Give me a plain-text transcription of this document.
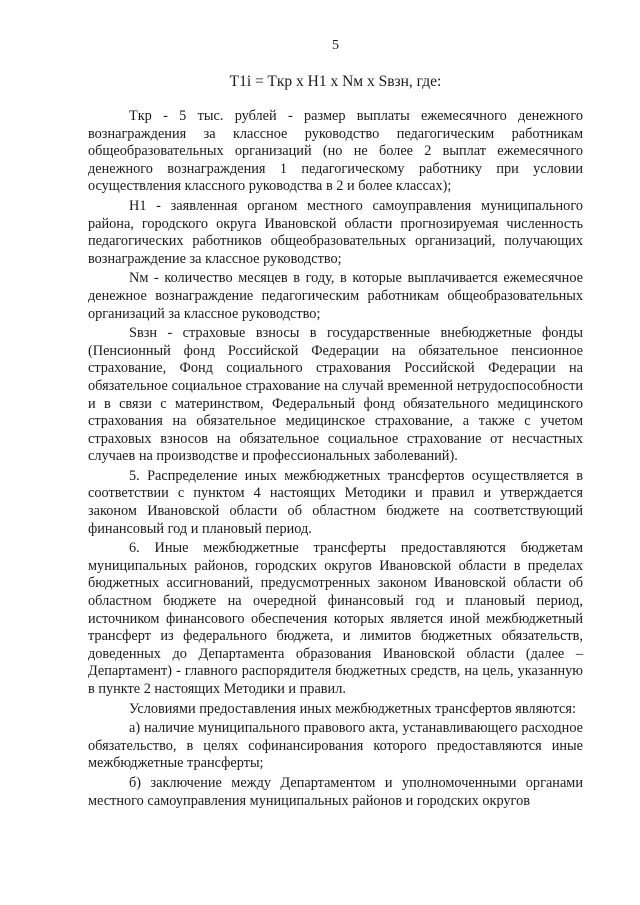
5
T1i = Tкр x H1 x Nм x Sвзн, где:

Tкр - 5 тыс. рублей - размер выплаты ежемесячного денежного вознаграждения за классное руководство педагогическим работникам общеобразовательных организаций (но не более 2 выплат ежемесячного денежного вознаграждения 1 педагогическому работнику при условии осуществления классного руководства в 2 и более классах);

H1 - заявленная органом местного самоуправления муниципального района, городского округа Ивановской области прогнозируемая численность педагогических работников общеобразовательных организаций, получающих вознаграждение за классное руководство;

Nм - количество месяцев в году, в которые выплачивается ежемесячное денежное вознаграждение педагогическим работникам общеобразовательных организаций за классное руководство;

Sвзн - страховые взносы в государственные внебюджетные фонды (Пенсионный фонд Российской Федерации на обязательное пенсионное страхование, Фонд социального страхования Российской Федерации на обязательное социальное страхование на случай временной нетрудоспособности и в связи с материнством, Федеральный фонд обязательного медицинского страхования на обязательное медицинское страхование, а также с учетом страховых взносов на обязательное социальное страхование от несчастных случаев на производстве и профессиональных заболеваний).

5. Распределение иных межбюджетных трансфертов осуществляется в соответствии с пунктом 4 настоящих Методики и правил и утверждается законом Ивановской области об областном бюджете на соответствующий финансовый год и плановый период.

6. Иные межбюджетные трансферты предоставляются бюджетам муниципальных районов, городских округов Ивановской области в пределах бюджетных ассигнований, предусмотренных законом Ивановской области об областном бюджете на очередной финансовый год и плановый период, источником финансового обеспечения которых является иной межбюджетный трансферт из федерального бюджета, и лимитов бюджетных обязательств, доведенных до Департамента образования Ивановской области (далее – Департамент) - главного распорядителя бюджетных средств, на цель, указанную в пункте 2 настоящих Методики и правил.

Условиями предоставления иных межбюджетных трансфертов являются:

а) наличие муниципального правового акта, устанавливающего расходное обязательство, в целях софинансирования которого предоставляются иные межбюджетные трансферты;

б) заключение между Департаментом и уполномоченными органами местного самоуправления муниципальных районов и городских округов
